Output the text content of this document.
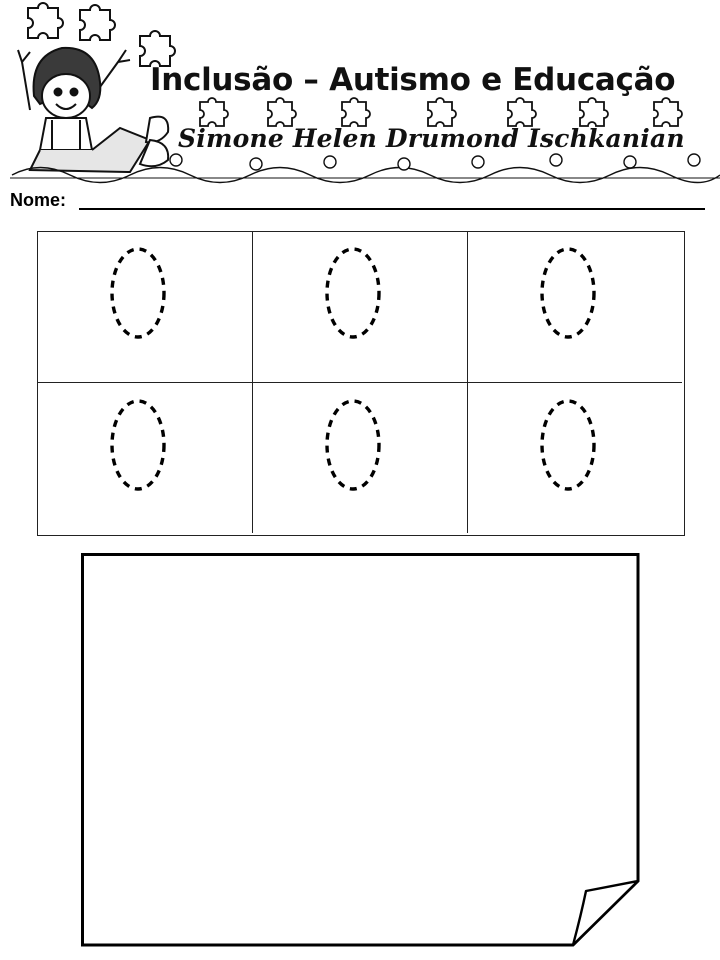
Inclusão – Autismo e Educação
Simone Helen Drumond Ischkanian
Nome:
